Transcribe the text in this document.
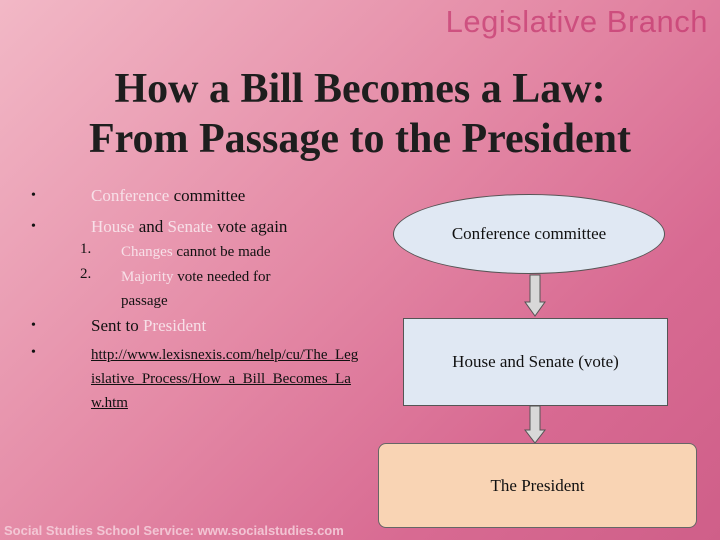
Legislative Branch
How a Bill Becomes a Law:
From Passage to the President
•	Conference committee
•	House and Senate vote again
1. Changes cannot be made
2. Majority vote needed for
passage
•	Sent to President
•	http://www.lexisnexis.com/help/cu/The_Legislative_Process/How_a_Bill_Becomes_Law.htm
Conference committee
House and Senate (vote)
The President
Social Studies School Service: www.socialstudies.com
